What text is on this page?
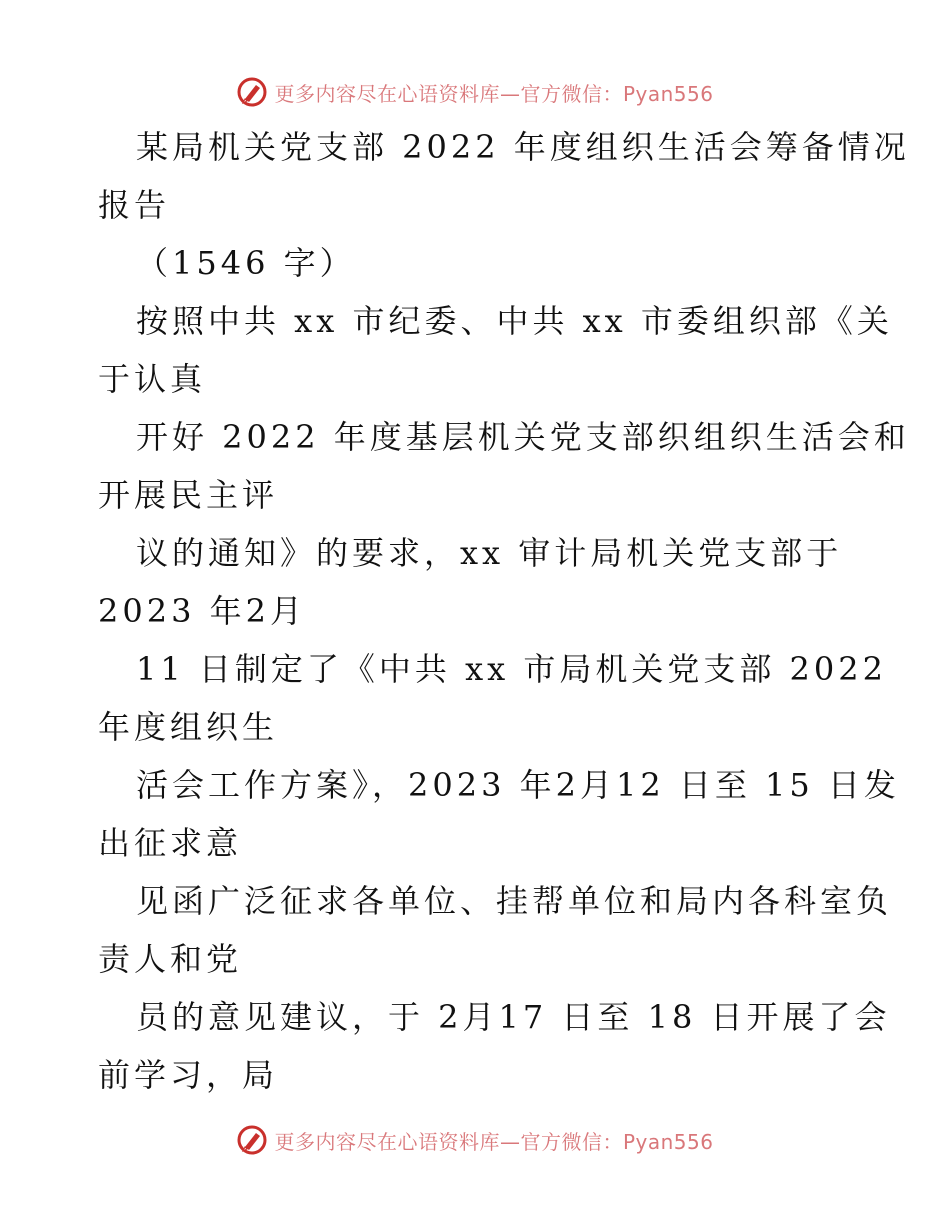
更多内容尽在心语资料库—官方微信：Pyan556
某局机关党支部 2022 年度组织生活会筹备情况
报告
（1546 字）
按照中共 xx 市纪委、中共 xx 市委组织部《关
于认真
开好 2022 年度基层机关党支部织组织生活会和
开展民主评
议的通知》的要求，xx 审计局机关党支部于
2023 年2月
11 日制定了《中共 xx 市局机关党支部 2022
年度组织生
活会工作方案》，2023 年2月12 日至 15 日发
出征求意
见函广泛征求各单位、挂帮单位和局内各科室负
责人和党
员的意见建议，于 2月17 日至 18 日开展了会
前学习，局
更多内容尽在心语资料库—官方微信：Pyan556
